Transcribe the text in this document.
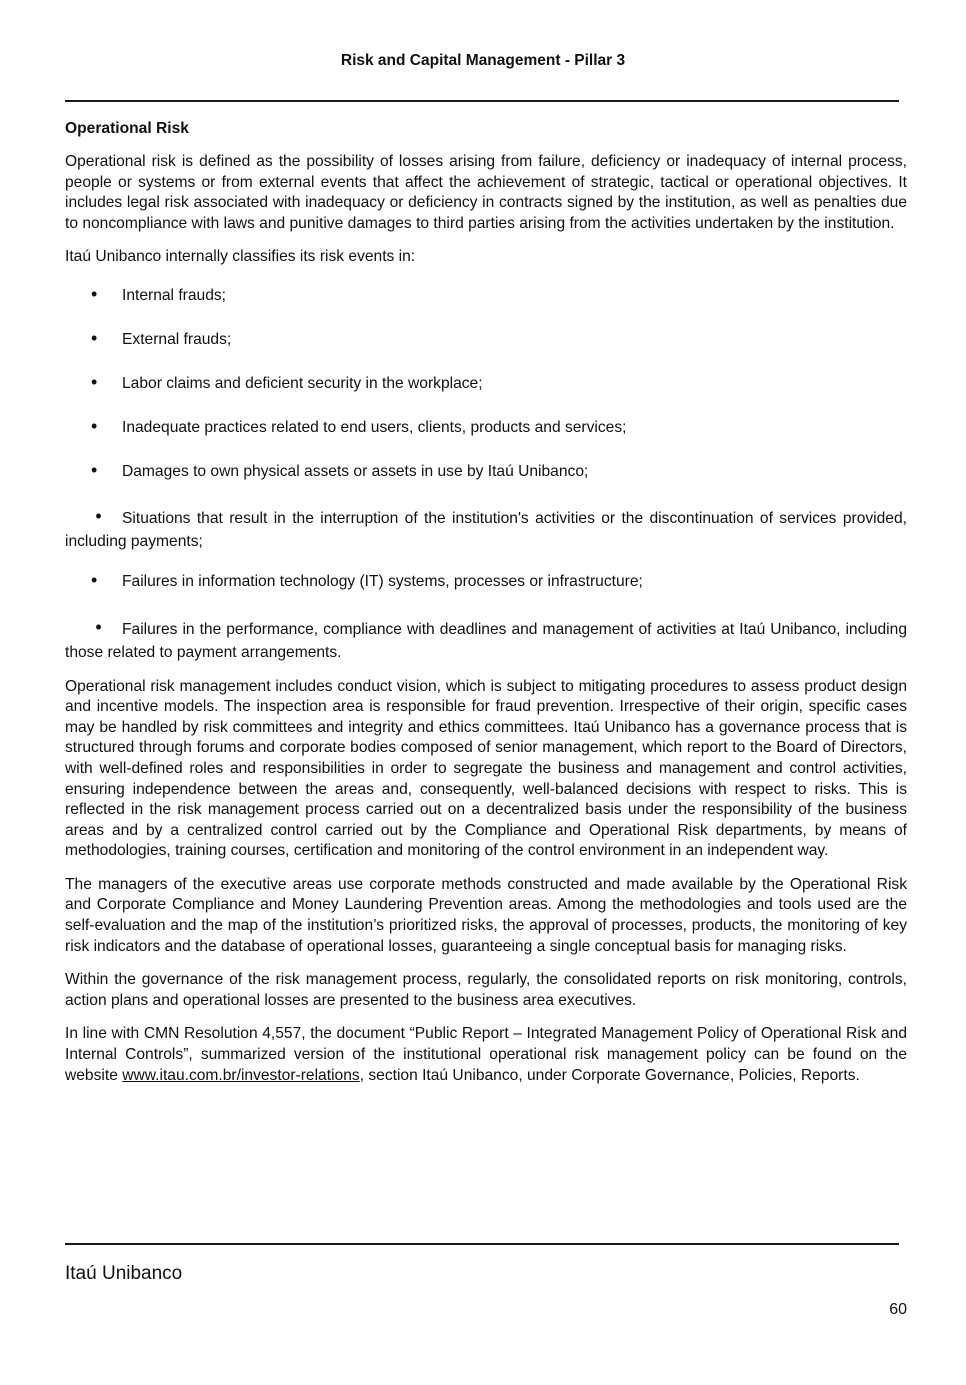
Risk and Capital Management - Pillar 3
Operational Risk

Operational risk is defined as the possibility of losses arising from failure, deficiency or inadequacy of internal process, people or systems or from external events that affect the achievement of strategic, tactical or operational objectives. It includes legal risk associated with inadequacy or deficiency in contracts signed by the institution, as well as penalties due to noncompliance with laws and punitive damages to third parties arising from the activities undertaken by the institution.

Itaú Unibanco internally classifies its risk events in:

• Internal frauds;
• External frauds;
• Labor claims and deficient security in the workplace;
• Inadequate practices related to end users, clients, products and services;
• Damages to own physical assets or assets in use by Itaú Unibanco;
• Situations that result in the interruption of the institution's activities or the discontinuation of services provided, including payments;
• Failures in information technology (IT) systems, processes or infrastructure;
• Failures in the performance, compliance with deadlines and management of activities at Itaú Unibanco, including those related to payment arrangements.

Operational risk management includes conduct vision, which is subject to mitigating procedures to assess product design and incentive models. The inspection area is responsible for fraud prevention. Irrespective of their origin, specific cases may be handled by risk committees and integrity and ethics committees. Itaú Unibanco has a governance process that is structured through forums and corporate bodies composed of senior management, which report to the Board of Directors, with well-defined roles and responsibilities in order to segregate the business and management and control activities, ensuring independence between the areas and, consequently, well-balanced decisions with respect to risks. This is reflected in the risk management process carried out on a decentralized basis under the responsibility of the business areas and by a centralized control carried out by the Compliance and Operational Risk departments, by means of methodologies, training courses, certification and monitoring of the control environment in an independent way.

The managers of the executive areas use corporate methods constructed and made available by the Operational Risk and Corporate Compliance and Money Laundering Prevention areas. Among the methodologies and tools used are the self-evaluation and the map of the institution’s prioritized risks, the approval of processes, products, the monitoring of key risk indicators and the database of operational losses, guaranteeing a single conceptual basis for managing risks.

Within the governance of the risk management process, regularly, the consolidated reports on risk monitoring, controls, action plans and operational losses are presented to the business area executives.

In line with CMN Resolution 4,557, the document “Public Report – Integrated Management Policy of Operational Risk and Internal Controls”, summarized version of the institutional operational risk management policy can be found on the website www.itau.com.br/investor-relations, section Itaú Unibanco, under Corporate Governance, Policies, Reports.

Itaú Unibanco
60
